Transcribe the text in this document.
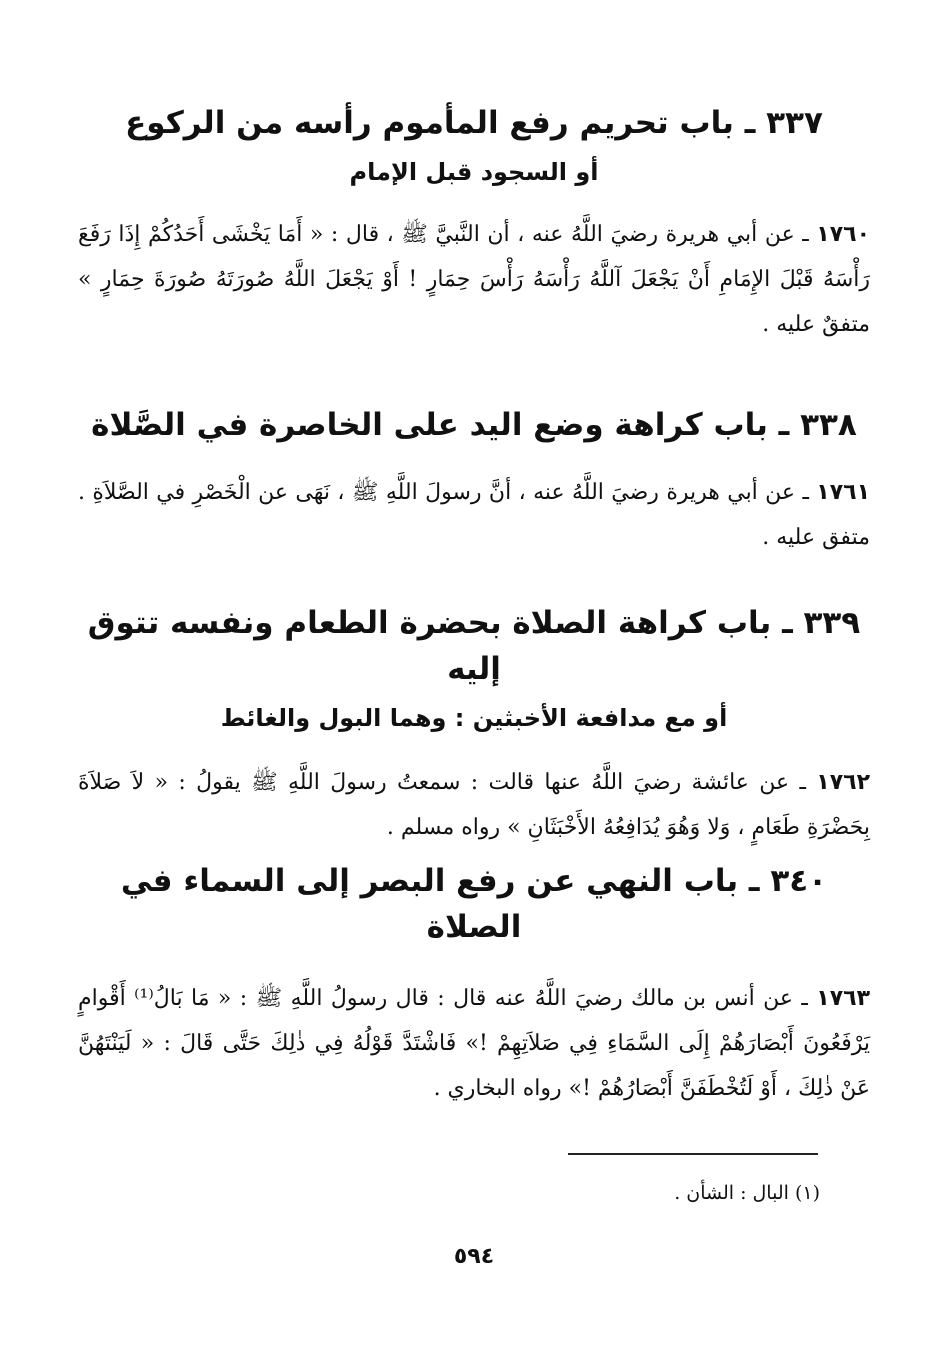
٣٣٧ ـ باب تحريم رفع المأموم رأسه من الركوع
أو السجود قبل الإمام

١٧٦٠ ـ عن أبي هريرة رضيَ اللَّهُ عنه ، أن النَّبيَّ ﷺ ، قال : « أَمَا يَخْشَى أَحَدُكُمْ إِذَا رَفَعَ رَأْسَهُ قَبْلَ الإِمَامِ أَنْ يَجْعَلَ آللَّهُ رَأْسَهُ رَأْسَ حِمَارٍ ! أَوْ يَجْعَلَ اللَّهُ صُورَتَهُ صُورَةَ حِمَارٍ » متفقٌ عليه .

٣٣٨ ـ باب كراهة وضع اليد على الخاصرة في الصَّلاة

١٧٦١ ـ عن أبي هريرة رضيَ اللَّهُ عنه ، أنَّ رسولَ اللَّهِ ﷺ ، نَهَى عن الْخَصْرِ في الصَّلاَةِ . متفق عليه .

٣٣٩ ـ باب كراهة الصلاة بحضرة الطعام ونفسه تتوق إليه
أو مع مدافعة الأخبثين : وهما البول والغائط

١٧٦٢ ـ عن عائشة رضيَ اللَّهُ عنها قالت : سمعتُ رسولَ اللَّهِ ﷺ يقولُ : « لاَ صَلاَةَ بِحَضْرَةِ طَعَامٍ ، وَلا وَهُوَ يُدَافِعُهُ الأَخْبَثَانِ » رواه مسلم .

٣٤٠ ـ باب النهي عن رفع البصر إلى السماء في الصلاة

١٧٦٣ ـ عن أنس بن مالك رضيَ اللَّهُ عنه قال : قال رسولُ اللَّهِ ﷺ : « مَا بَالُ⁽¹⁾ أَقْوامٍ يَرْفَعُونَ أَبْصَارَهُمْ إِلَى السَّمَاءِ فِي صَلاَتِهِمْ !» فَاشْتَدَّ قَوْلُهُ فِي ذٰلِكَ حَتَّى قَالَ : « لَيَنْتَهُنَّ عَنْ ذٰلِكَ ، أَوْ لَتُخْطَفَنَّ أَبْصَارُهُمْ !» رواه البخاري .

(١) البال : الشأن .
٥٩٤
